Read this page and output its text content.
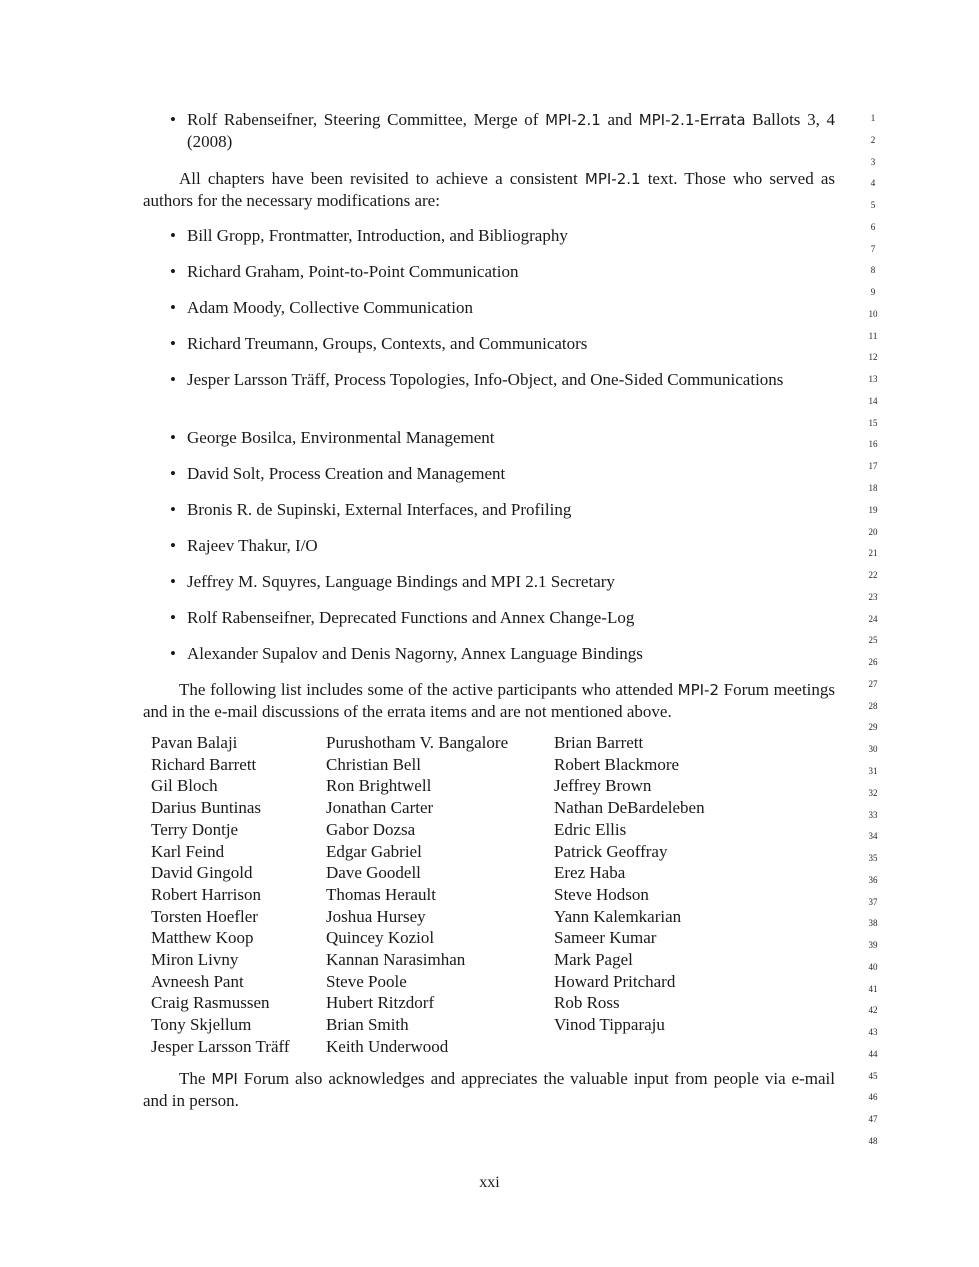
• Rolf Rabenseifner, Steering Committee, Merge of MPI-2.1 and MPI-2.1-Errata Ballots 3, 4 (2008)
All chapters have been revisited to achieve a consistent MPI-2.1 text. Those who served as authors for the necessary modifications are:
• Bill Gropp, Frontmatter, Introduction, and Bibliography
• Richard Graham, Point-to-Point Communication
• Adam Moody, Collective Communication
• Richard Treumann, Groups, Contexts, and Communicators
• Jesper Larsson Träff, Process Topologies, Info-Object, and One-Sided Communications
• George Bosilca, Environmental Management
• David Solt, Process Creation and Management
• Bronis R. de Supinski, External Interfaces, and Profiling
• Rajeev Thakur, I/O
• Jeffrey M. Squyres, Language Bindings and MPI 2.1 Secretary
• Rolf Rabenseifner, Deprecated Functions and Annex Change-Log
• Alexander Supalov and Denis Nagorny, Annex Language Bindings
The following list includes some of the active participants who attended MPI-2 Forum meetings and in the e-mail discussions of the errata items and are not mentioned above.
Pavan Balaji	Purushotham V. Bangalore	Brian Barrett
Richard Barrett	Christian Bell	Robert Blackmore
Gil Bloch	Ron Brightwell	Jeffrey Brown
Darius Buntinas	Jonathan Carter	Nathan DeBardeleben
Terry Dontje	Gabor Dozsa	Edric Ellis
Karl Feind	Edgar Gabriel	Patrick Geoffray
David Gingold	Dave Goodell	Erez Haba
Robert Harrison	Thomas Herault	Steve Hodson
Torsten Hoefler	Joshua Hursey	Yann Kalemkarian
Matthew Koop	Quincey Koziol	Sameer Kumar
Miron Livny	Kannan Narasimhan	Mark Pagel
Avneesh Pant	Steve Poole	Howard Pritchard
Craig Rasmussen	Hubert Ritzdorf	Rob Ross
Tony Skjellum	Brian Smith	Vinod Tipparaju
Jesper Larsson Träff	Keith Underwood	
The MPI Forum also acknowledges and appreciates the valuable input from people via e-mail and in person.
1
2
3
4
5
6
7
8
9
10
11
12
13
14
15
16
17
18
19
20
21
22
23
24
25
26
27
28
29
30
31
32
33
34
35
36
37
38
39
40
41
42
43
44
45
46
47
48
xxi
